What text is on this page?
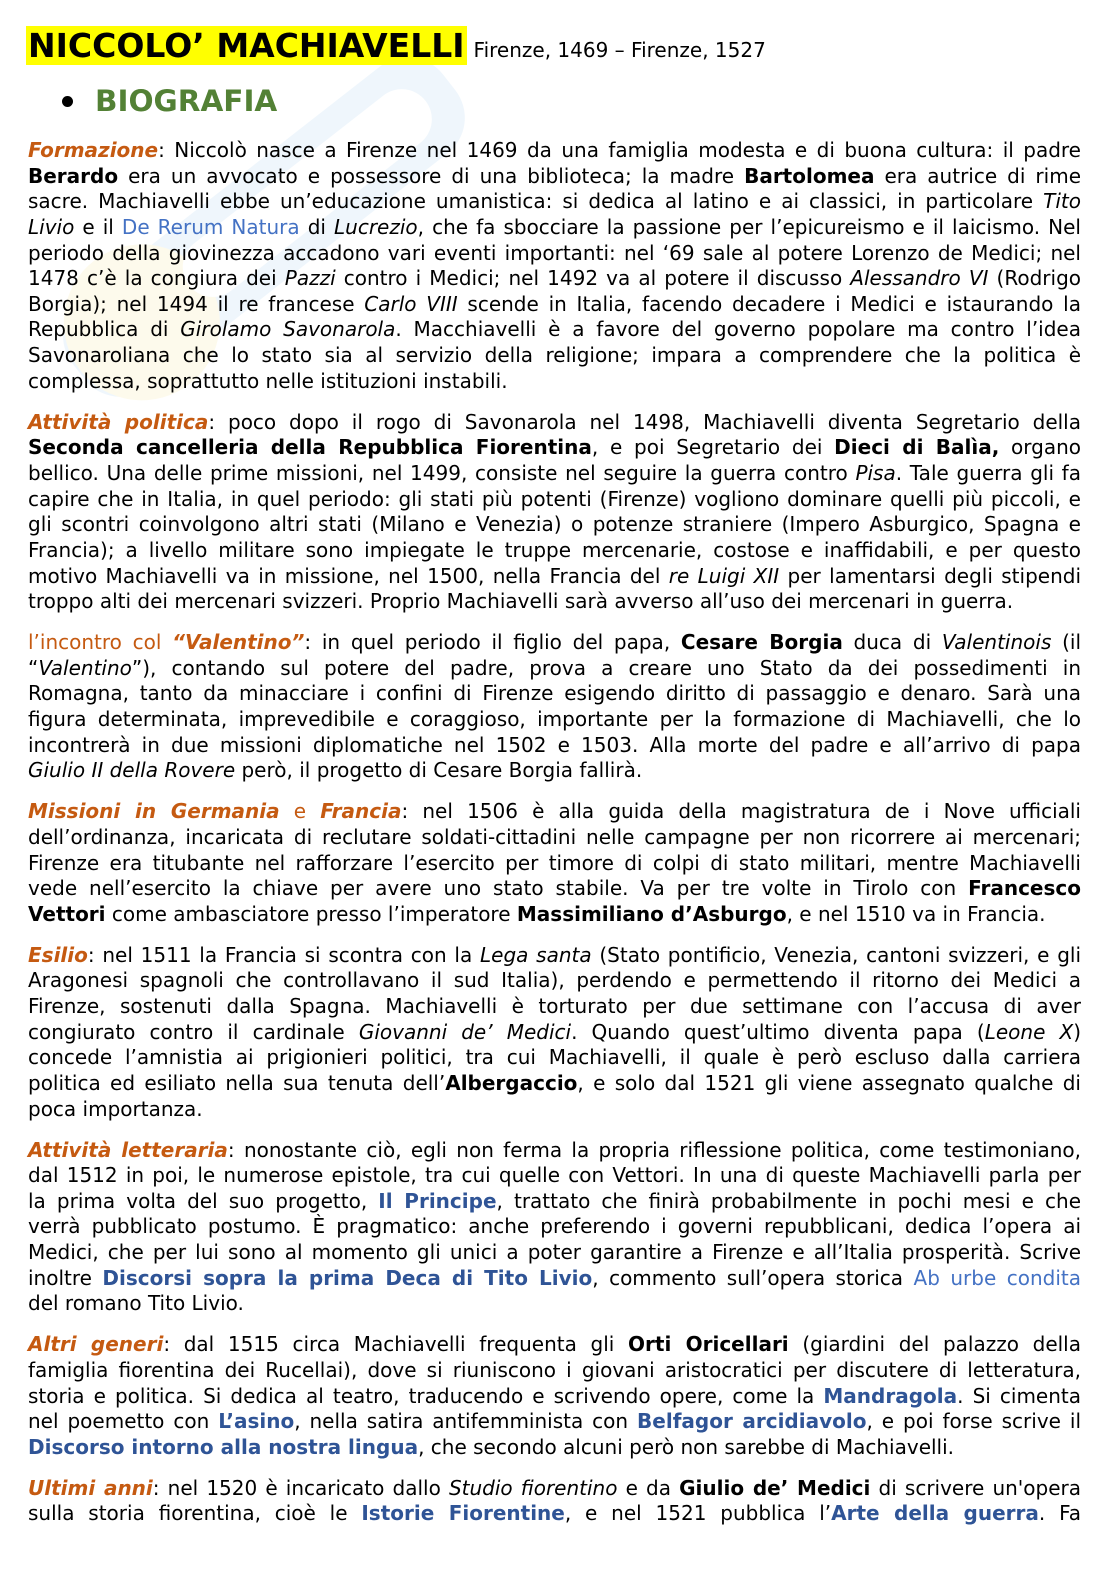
NICCOLO’ MACHIAVELLI Firenze, 1469 – Firenze, 1527
BIOGRAFIA
Formazione: Niccolò nasce a Firenze nel 1469 da una famiglia modesta e di buona cultura: il padre
Berardo era un avvocato e possessore di una biblioteca; la madre Bartolomea era autrice di rime
sacre. Machiavelli ebbe un’educazione umanistica: si dedica al latino e ai classici, in particolare Tito
Livio e il De Rerum Natura di Lucrezio, che fa sbocciare la passione per l’epicureismo e il laicismo. Nel
periodo della giovinezza accadono vari eventi importanti: nel ‘69 sale al potere Lorenzo de Medici; nel
1478 c’è la congiura dei Pazzi contro i Medici; nel 1492 va al potere il discusso Alessandro VI (Rodrigo
Borgia); nel 1494 il re francese Carlo VIII scende in Italia, facendo decadere i Medici e istaurando la
Repubblica di Girolamo Savonarola. Macchiavelli è a favore del governo popolare ma contro l’idea
Savonaroliana che lo stato sia al servizio della religione; impara a comprendere che la politica è
complessa, soprattutto nelle istituzioni instabili.
Attività politica: poco dopo il rogo di Savonarola nel 1498, Machiavelli diventa Segretario della
Seconda cancelleria della Repubblica Fiorentina, e poi Segretario dei Dieci di Balìa, organo
bellico. Una delle prime missioni, nel 1499, consiste nel seguire la guerra contro Pisa. Tale guerra gli fa
capire che in Italia, in quel periodo: gli stati più potenti (Firenze) vogliono dominare quelli più piccoli, e
gli scontri coinvolgono altri stati (Milano e Venezia) o potenze straniere (Impero Asburgico, Spagna e
Francia); a livello militare sono impiegate le truppe mercenarie, costose e inaffidabili, e per questo
motivo Machiavelli va in missione, nel 1500, nella Francia del re Luigi XII per lamentarsi degli stipendi
troppo alti dei mercenari svizzeri. Proprio Machiavelli sarà avverso all’uso dei mercenari in guerra.
l’incontro col “Valentino”: in quel periodo il figlio del papa, Cesare Borgia duca di Valentinois (il
“Valentino”), contando sul potere del padre, prova a creare uno Stato da dei possedimenti in
Romagna, tanto da minacciare i confini di Firenze esigendo diritto di passaggio e denaro. Sarà una
figura determinata, imprevedibile e coraggioso, importante per la formazione di Machiavelli, che lo
incontrerà in due missioni diplomatiche nel 1502 e 1503. Alla morte del padre e all’arrivo di papa
Giulio II della Rovere però, il progetto di Cesare Borgia fallirà.
Missioni in Germania e Francia: nel 1506 è alla guida della magistratura de i Nove ufficiali
dell’ordinanza, incaricata di reclutare soldati-cittadini nelle campagne per non ricorrere ai mercenari;
Firenze era titubante nel rafforzare l’esercito per timore di colpi di stato militari, mentre Machiavelli
vede nell’esercito la chiave per avere uno stato stabile. Va per tre volte in Tirolo con Francesco
Vettori come ambasciatore presso l’imperatore Massimiliano d’Asburgo, e nel 1510 va in Francia.
Esilio: nel 1511 la Francia si scontra con la Lega santa (Stato pontificio, Venezia, cantoni svizzeri, e gli
Aragonesi spagnoli che controllavano il sud Italia), perdendo e permettendo il ritorno dei Medici a
Firenze, sostenuti dalla Spagna. Machiavelli è torturato per due settimane con l’accusa di aver
congiurato contro il cardinale Giovanni de’ Medici. Quando quest’ultimo diventa papa (Leone X)
concede l’amnistia ai prigionieri politici, tra cui Machiavelli, il quale è però escluso dalla carriera
politica ed esiliato nella sua tenuta dell’Albergaccio, e solo dal 1521 gli viene assegnato qualche di
poca importanza.
Attività letteraria: nonostante ciò, egli non ferma la propria riflessione politica, come testimoniano,
dal 1512 in poi, le numerose epistole, tra cui quelle con Vettori. In una di queste Machiavelli parla per
la prima volta del suo progetto, Il Principe, trattato che finirà probabilmente in pochi mesi e che
verrà pubblicato postumo. È pragmatico: anche preferendo i governi repubblicani, dedica l’opera ai
Medici, che per lui sono al momento gli unici a poter garantire a Firenze e all’Italia prosperità. Scrive
inoltre Discorsi sopra la prima Deca di Tito Livio, commento sull’opera storica Ab urbe condita
del romano Tito Livio.
Altri generi: dal 1515 circa Machiavelli frequenta gli Orti Oricellari (giardini del palazzo della
famiglia fiorentina dei Rucellai), dove si riuniscono i giovani aristocratici per discutere di letteratura,
storia e politica. Si dedica al teatro, traducendo e scrivendo opere, come la Mandragola. Si cimenta
nel poemetto con L’asino, nella satira antifemminista con Belfagor arcidiavolo, e poi forse scrive il
Discorso intorno alla nostra lingua, che secondo alcuni però non sarebbe di Machiavelli.
Ultimi anni: nel 1520 è incaricato dallo Studio fiorentino e da Giulio de’ Medici di scrivere un'opera
sulla storia fiorentina, cioè le Istorie Fiorentine, e nel 1521 pubblica l’Arte della guerra. Fa
